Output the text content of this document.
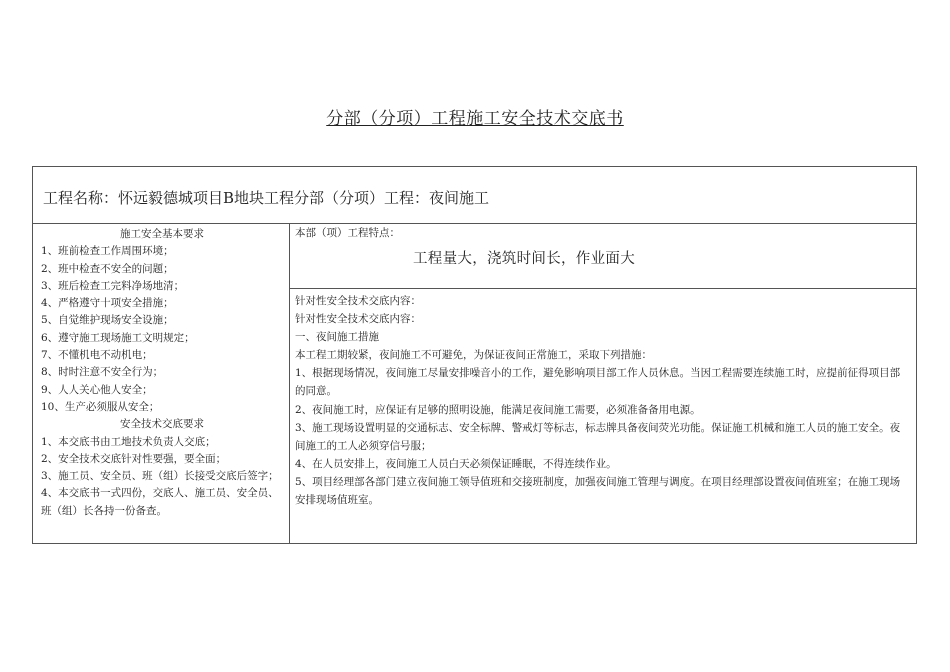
分部（分项）工程施工安全技术交底书
工程名称：怀远毅德城项目B地块工程分部（分项）工程：夜间施工
施工安全基本要求
1、班前检查工作周围环境；
2、班中检查不安全的问题；
3、班后检查工完料净场地清；
4、严格遵守十项安全措施；
5、自觉维护现场安全设施；
6、遵守施工现场施工文明规定；
7、不懂机电不动机电；
8、时时注意不安全行为；
9、人人关心他人安全；
10、生产必须服从安全；
安全技术交底要求
1、本交底书由工地技术负责人交底；
2、安全技术交底针对性要强，要全面；
3、施工员、安全员、班（组）长接受交底后签字；
4、本交底书一式四份，交底人、施工员、安全员、班（组）长各持一份备查。
本部（项）工程特点：
工程量大，浇筑时间长，作业面大
针对性安全技术交底内容：
针对性安全技术交底内容：
一、夜间施工措施
本工程工期较紧，夜间施工不可避免，为保证夜间正常施工，采取下列措施：
1、根据现场情况，夜间施工尽量安排噪音小的工作，避免影响项目部工作人员休息。当因工程需要连续施工时，应提前征得项目部的同意。
2、夜间施工时，应保证有足够的照明设施，能满足夜间施工需要，必须准备备用电源。
3、施工现场设置明显的交通标志、安全标牌、警戒灯等标志，标志牌具备夜间荧光功能。保证施工机械和施工人员的施工安全。夜间施工的工人必须穿信号服；
4、在人员安排上，夜间施工人员白天必须保证睡眠，不得连续作业。
5、项目经理部各部门建立夜间施工领导值班和交接班制度，加强夜间施工管理与调度。在项目经理部设置夜间值班室；在施工现场安排现场值班室。
